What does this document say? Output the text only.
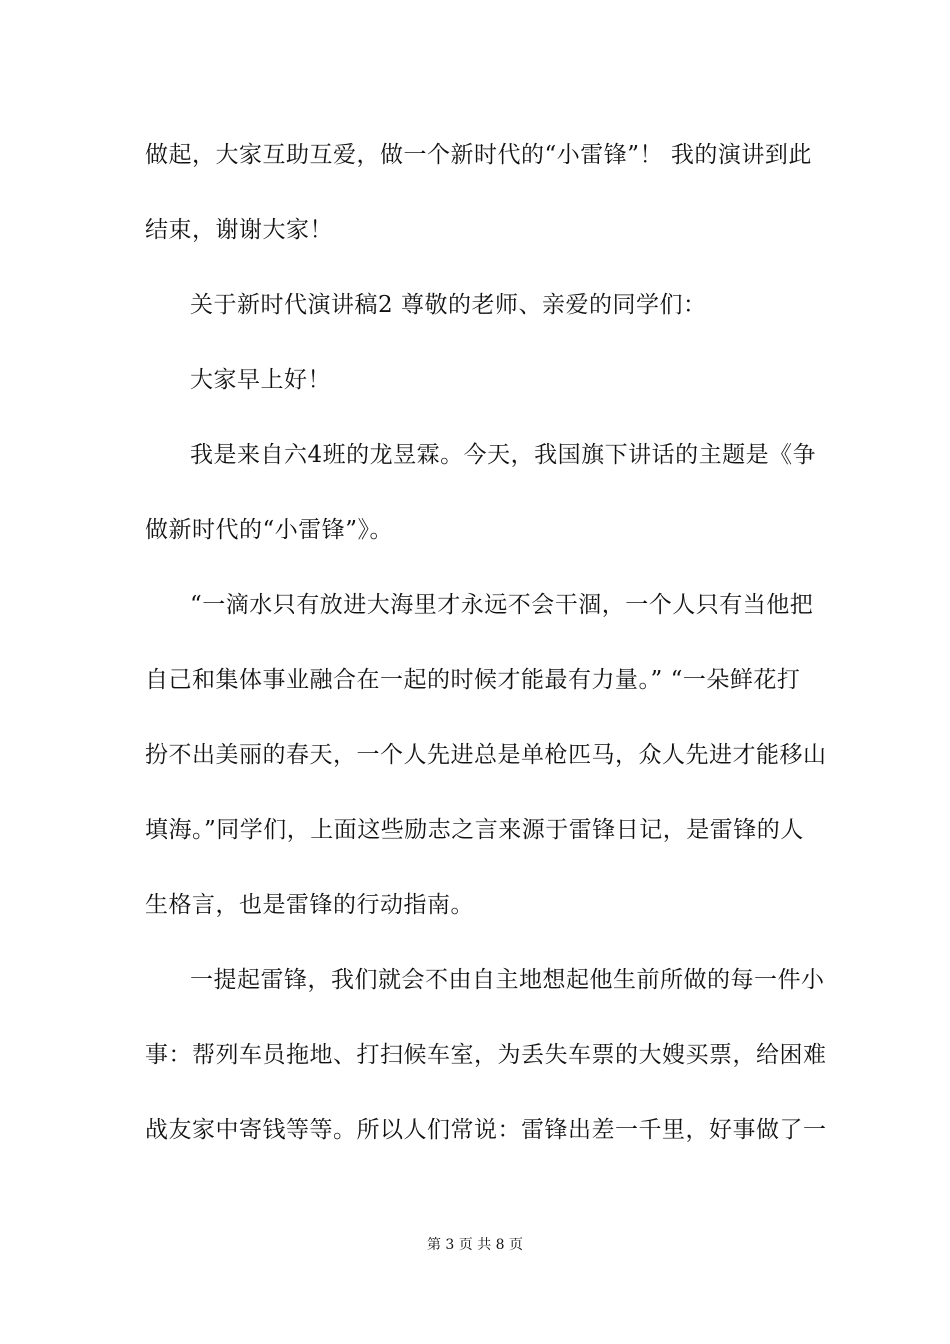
做起，大家互助互爱，做一个新时代的“小雷锋”！ 我的演讲到此
结束，谢谢大家！
关于新时代演讲稿2 尊敬的老师、亲爱的同学们：
大家早上好！
我是来自六4班的龙昱霖。今天，我国旗下讲话的主题是《争
做新时代的“小雷锋”》。
“一滴水只有放进大海里才永远不会干涸，一个人只有当他把
自己和集体事业融合在一起的时候才能最有力量。” “一朵鲜花打
扮不出美丽的春天，一个人先进总是单枪匹马，众人先进才能移山
填海。”同学们，上面这些励志之言来源于雷锋日记，是雷锋的人
生格言，也是雷锋的行动指南。
一提起雷锋，我们就会不由自主地想起他生前所做的每一件小
事：帮列车员拖地、打扫候车室，为丢失车票的大嫂买票，给困难
战友家中寄钱等等。所以人们常说：雷锋出差一千里，好事做了一
第 3 页 共 8 页
